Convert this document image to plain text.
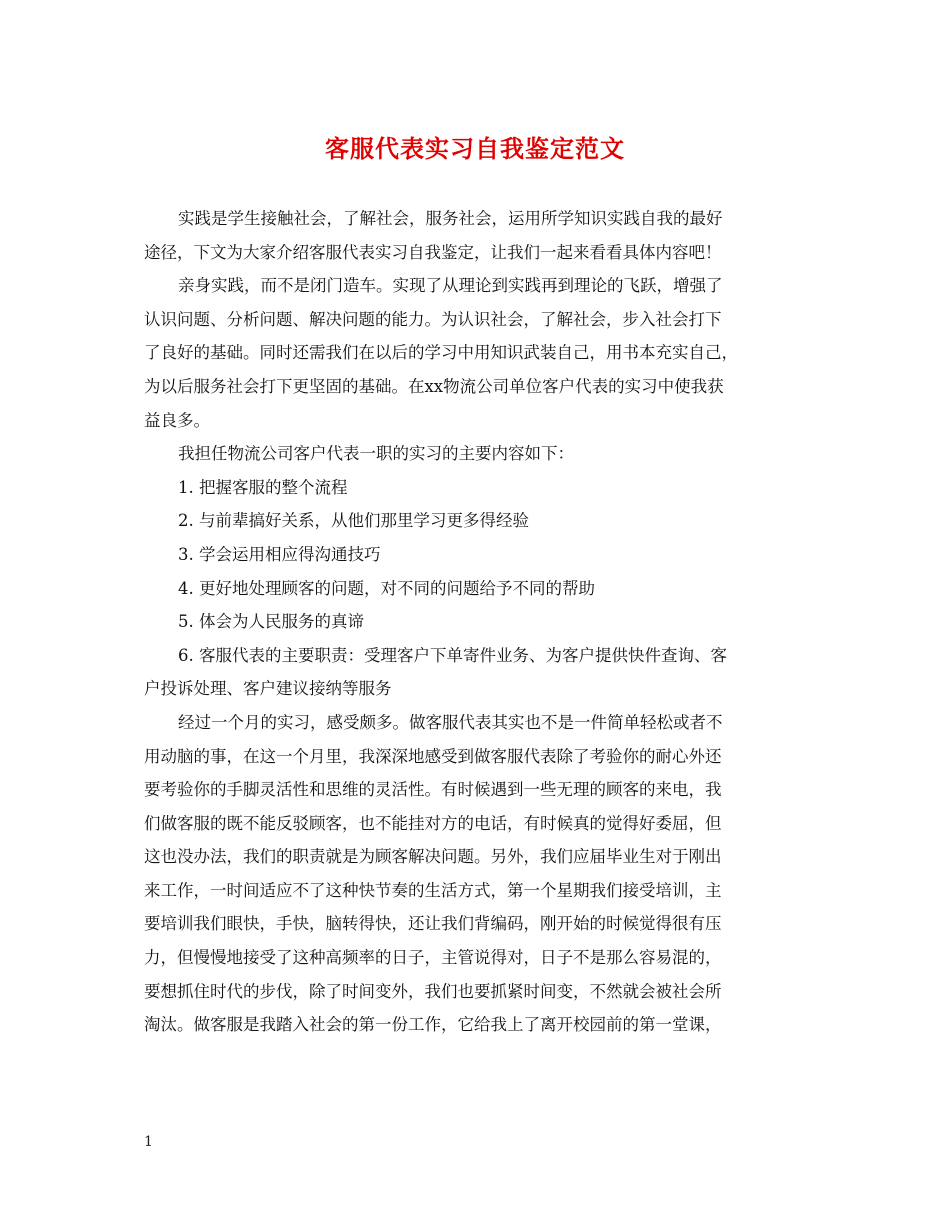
客服代表实习自我鉴定范文
实践是学生接触社会，了解社会，服务社会，运用所学知识实践自我的最好
途径，下文为大家介绍客服代表实习自我鉴定，让我们一起来看看具体内容吧！
亲身实践，而不是闭门造车。实现了从理论到实践再到理论的飞跃，增强了
认识问题、分析问题、解决问题的能力。为认识社会，了解社会，步入社会打下
了良好的基础。同时还需我们在以后的学习中用知识武装自己，用书本充实自己，
为以后服务社会打下更坚固的基础。在xx物流公司单位客户代表的实习中使我获
益良多。
我担任物流公司客户代表一职的实习的主要内容如下：
1. 把握客服的整个流程
2. 与前辈搞好关系，从他们那里学习更多得经验
3. 学会运用相应得沟通技巧
4. 更好地处理顾客的问题，对不同的问题给予不同的帮助
5. 体会为人民服务的真谛
6. 客服代表的主要职责：受理客户下单寄件业务、为客户提供快件查询、客
户投诉处理、客户建议接纳等服务
经过一个月的实习，感受颇多。做客服代表其实也不是一件简单轻松或者不
用动脑的事，在这一个月里，我深深地感受到做客服代表除了考验你的耐心外还
要考验你的手脚灵活性和思维的灵活性。有时候遇到一些无理的顾客的来电，我
们做客服的既不能反驳顾客，也不能挂对方的电话，有时候真的觉得好委屈，但
这也没办法，我们的职责就是为顾客解决问题。另外，我们应届毕业生对于刚出
来工作，一时间适应不了这种快节奏的生活方式，第一个星期我们接受培训，主
要培训我们眼快，手快，脑转得快，还让我们背编码，刚开始的时候觉得很有压
力，但慢慢地接受了这种高频率的日子，主管说得对，日子不是那么容易混的，
要想抓住时代的步伐，除了时间变外，我们也要抓紧时间变，不然就会被社会所
淘汰。做客服是我踏入社会的第一份工作，它给我上了离开校园前的第一堂课，
1
